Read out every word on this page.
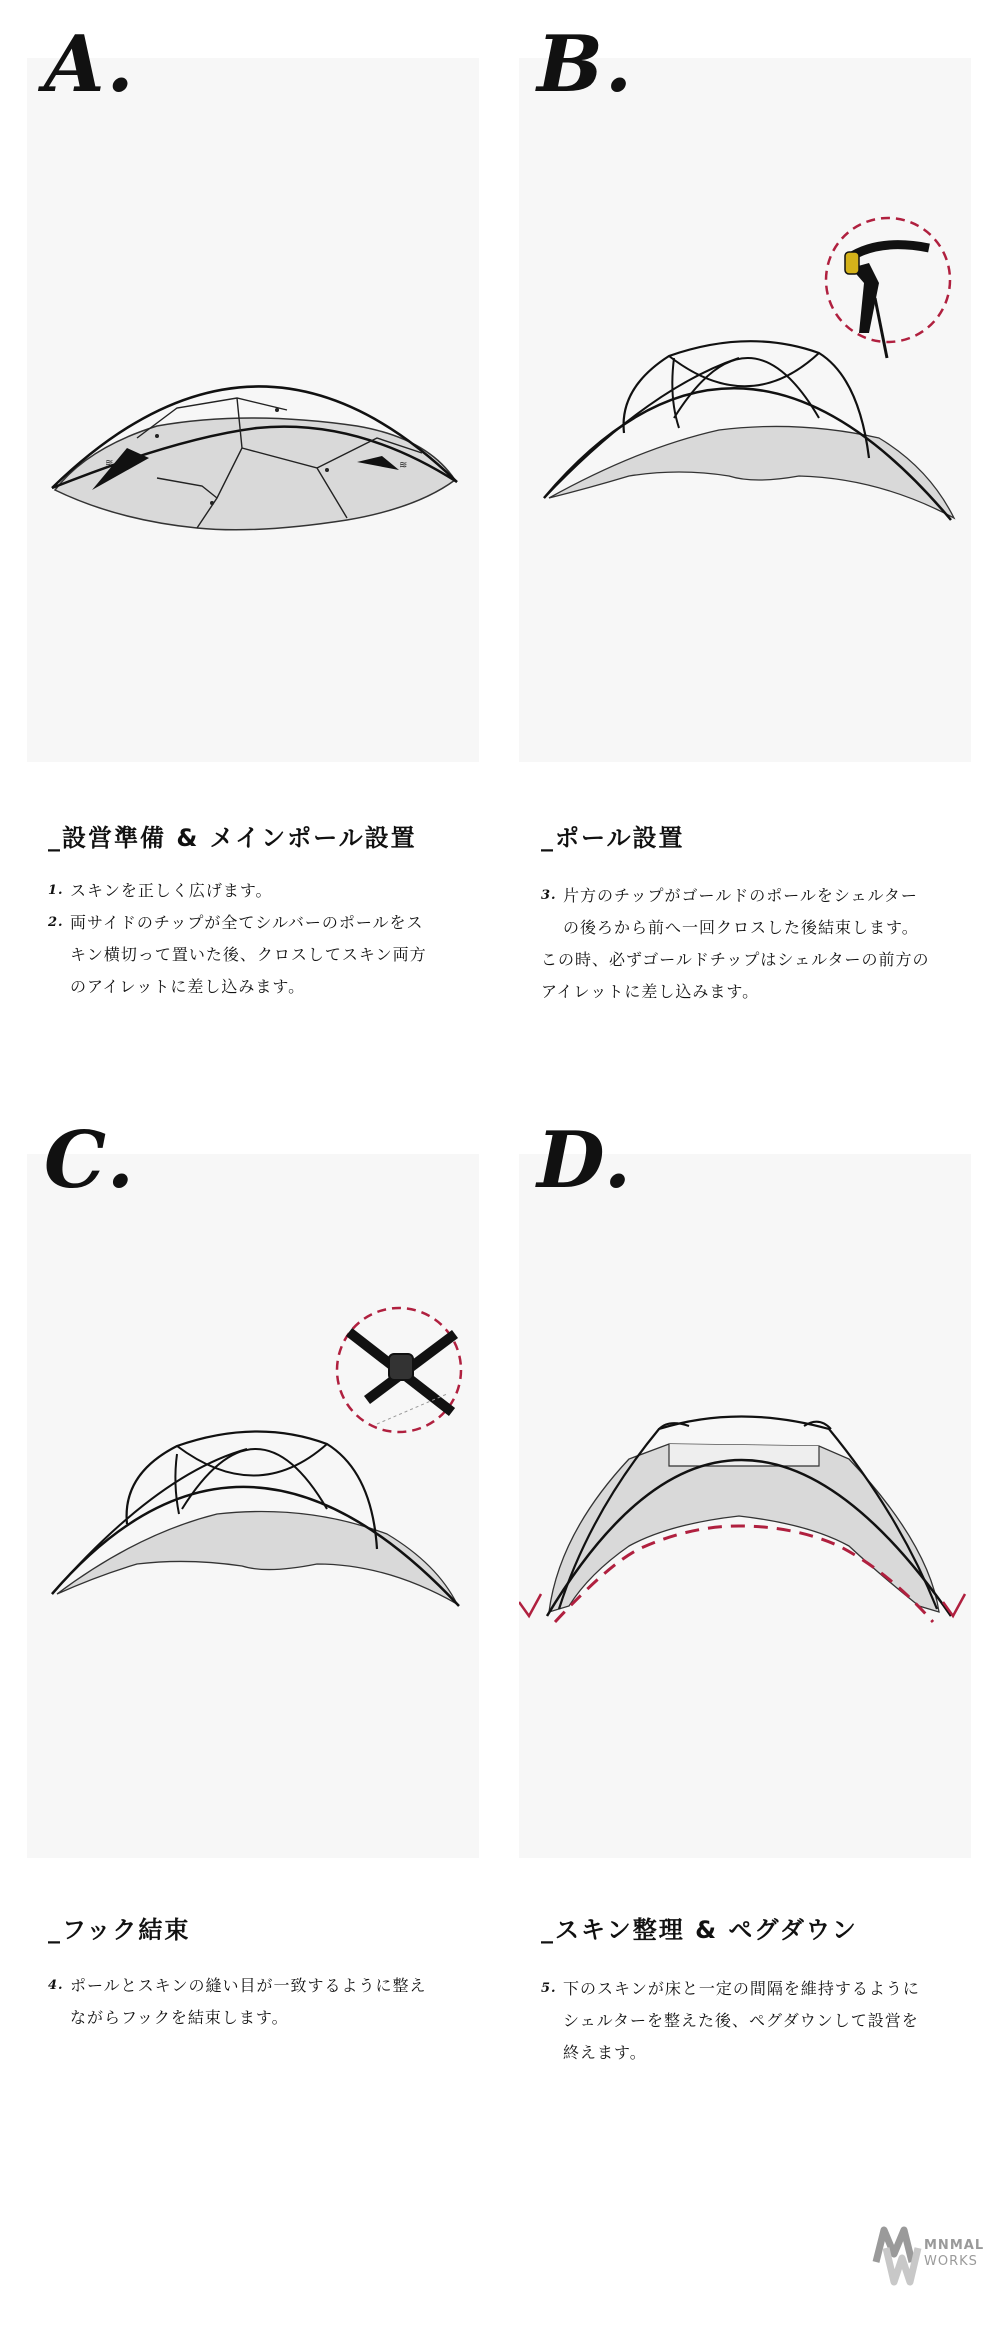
≋	≋
A.
_設営準備 & メインポール設置
1. スキンを正しく広げます。
2. 両サイドのチップが全てシルバーのポールをス
キン横切って置いた後、クロスしてスキン両方
のアイレットに差し込みます。
B.
_ポール設置
3. 片方のチップがゴールドのポールをシェルター
の後ろから前へ一回クロスした後結束します。
この時、必ずゴールドチップはシェルターの前方の
アイレットに差し込みます。
C.
_フック結束
4. ポールとスキンの縫い目が一致するように整え
ながらフックを結束します。
D.
_スキン整理 & ペグダウン
5. 下のスキンが床と一定の間隔を維持するように
シェルターを整えた後、ペグダウンして設営を
終えます。
MNMAL
WORKS
